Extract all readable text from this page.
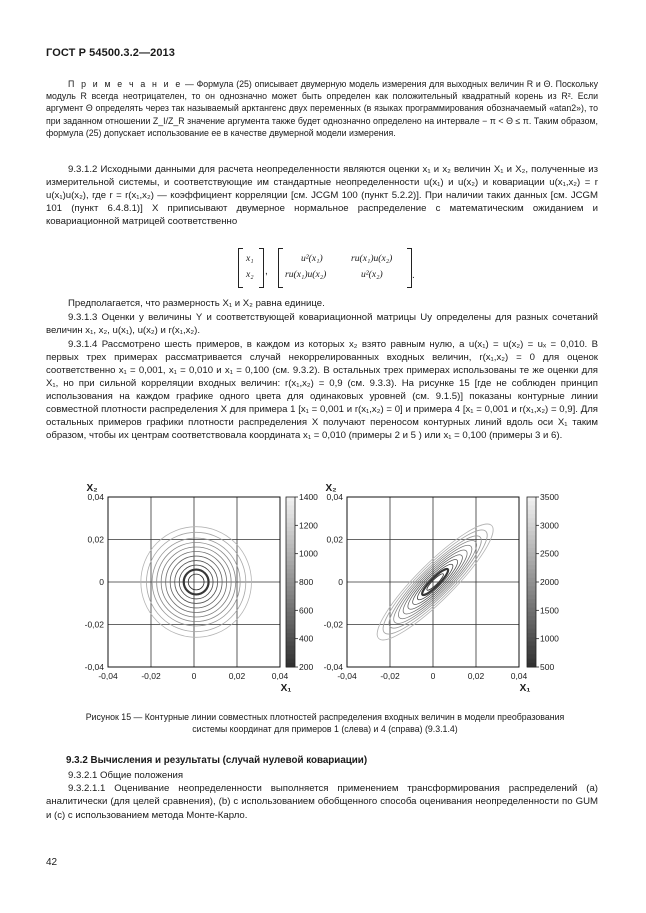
ГОСТ Р 54500.3.2—2013

П р и м е ч а н и е — Формула (25) описывает двумерную модель измерения для выходных величин R и Θ. Поскольку модуль R всегда неотрицателен, то он однозначно может быть определен как положительный квадратный корень из R². Если аргумент Θ определять через так называемый арктангенс двух переменных (в языках программирования обозначаемый «atan2»), то при заданном отношении Z_I/Z_R значение аргумента также будет однозначно определено на интервале − π < Θ ≤ π. Таким образом, формула (25) допускает использование ее в качестве двумерной модели измерения.

9.3.1.2 Исходными данными для расчета неопределенности являются оценки x₁ и x₂ величин X₁ и X₂, полученные из измерительной системы, и соответствующие им стандартные неопределенности u(x₁) и u(x₂) и ковариации u(x₁,x₂) = r u(x₁)u(x₂), где r = r(x₁,x₂) — коэффициент корреляции [см. JCGM 100 (пункт 5.2.2)]. При наличии таких данных [см. JCGM 101 (пункт 6.4.8.1)] X приписывают двумерное нормальное распределение с математическим ожиданием и ковариационной матрицей соответственно

x₁
x₂ ,
u²(x₁)	ru(x₁)u(x₂)
ru(x₁)u(x₂)	u²(x₂)	.

Предполагается, что размерность X₁ и X₂ равна единице.

9.3.1.3 Оценки y величины Y и соответствующей ковариационной матрицы Uy определены для разных сочетаний величин x₁, x₂, u(x₁), u(x₂) и r(x₁,x₂).

9.3.1.4 Рассмотрено шесть примеров, в каждом из которых x₂ взято равным нулю, а u(x₁) = u(x₂) = uₓ = 0,010. В первых трех примерах рассматривается случай некоррелированных входных величин, r(x₁,x₂) = 0 для оценок соответственно x₁ = 0,001, x₁ = 0,010 и x₁ = 0,100 (см. 9.3.2). В остальных трех примерах использованы те же оценки для X₁, но при сильной корреляции входных величин: r(x₁,x₂) = 0,9 (см. 9.3.3). На рисунке 15 [где не соблюден принцип использования на каждом графике одного цвета для одинаковых уровней (см. 9.1.5)] показаны контурные линии совместной плотности распределения X для примера 1 [x₁ = 0,001 и r(x₁,x₂) = 0] и примера 4 [x₁ = 0,001 и r(x₁,x₂) = 0,9]. Для остальных примеров графики плотности распределения X получают переносом контурных линий вдоль оси X₁ таким образом, чтобы их центрам соответствовала координата x₁ = 0,010 (примеры 2 и 5 ) или x₁ = 0,100 (примеры 3 и 6).

-0,04	-0,02	0	0,02	0,04
0,04
0,02
0
-0,02
-0,04
X₁
X₂
1400
1200
1000
800
600
400
200
-0,04	-0,02	0	0,02	0,04
0,04
0,02
0
-0,02
-0,04
X₁
X₂
3500
3000
2500
2000
1500
1000
500
Рисунок 15 — Контурные линии совместных плотностей распределения входных величин в модели преобразования системы координат для примеров 1 (слева) и 4 (справа) (9.3.1.4)
9.3.2 Вычисления и результаты (случай нулевой ковариации)

9.3.2.1 Общие положения

9.3.2.1.1 Оценивание неопределенности выполняется применением трансформирования распределений (a) аналитически (для целей сравнения), (b) с использованием обобщенного способа оценивания неопределенности по GUM и (c) с использованием метода Монте-Карло.

42
